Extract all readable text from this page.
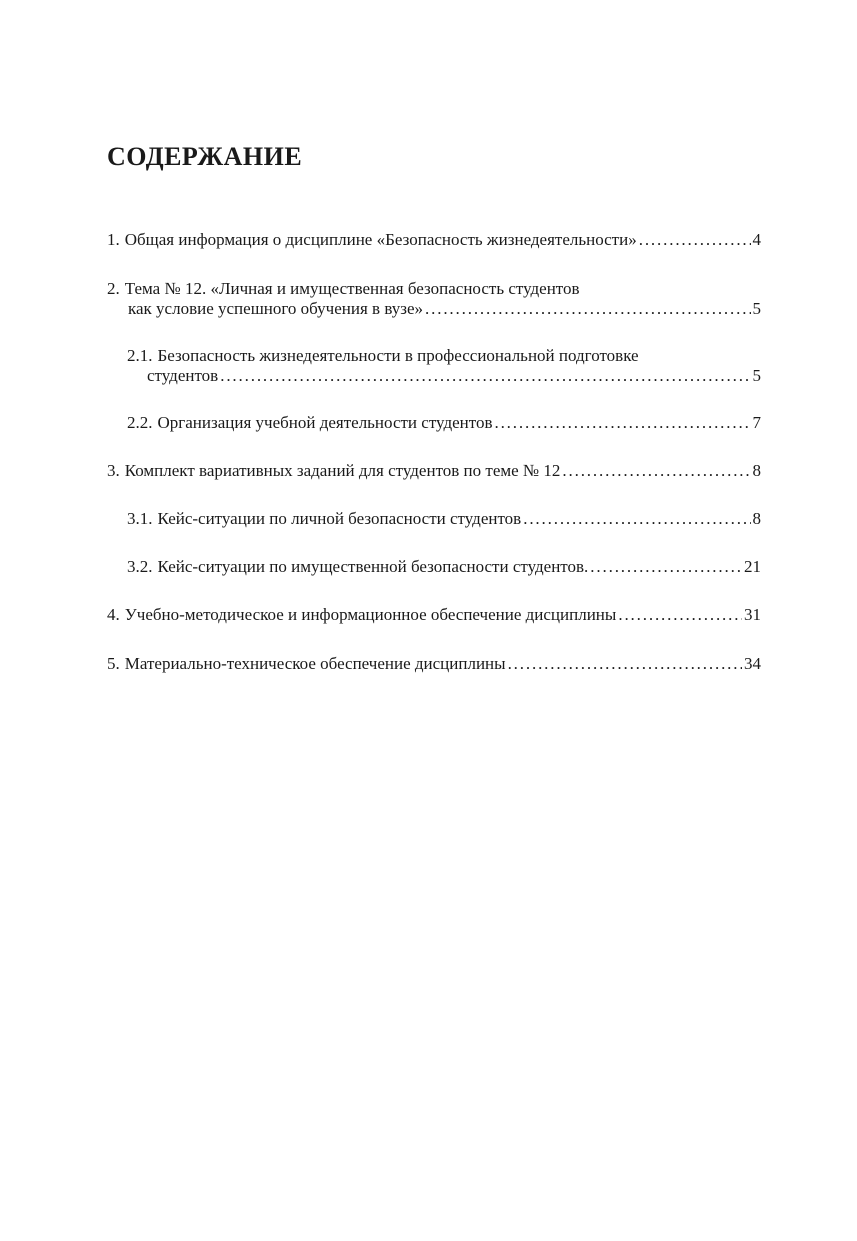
СОДЕРЖАНИЕ
1. Общая информация о дисциплине «Безопасность жизнедеятельности» . . .	4
2. Тема № 12. «Личная и имущественная безопасность студентов
как условие успешного обучения в вузе» . . .	5
2.1. Безопасность жизнедеятельности в профессиональной подготовке
студентов . . .	5
2.2. Организация учебной деятельности студентов . . .	7
3. Комплект вариативных заданий для студентов по теме № 12 . . .	8
3.1. Кейс-ситуации по личной безопасности студентов . . .	8
3.2. Кейс-ситуации по имущественной безопасности студентов. . . .	21
4. Учебно-методическое и информационное обеспечение дисциплины . . .	31
5. Материально-техническое обеспечение дисциплины . . .	34
